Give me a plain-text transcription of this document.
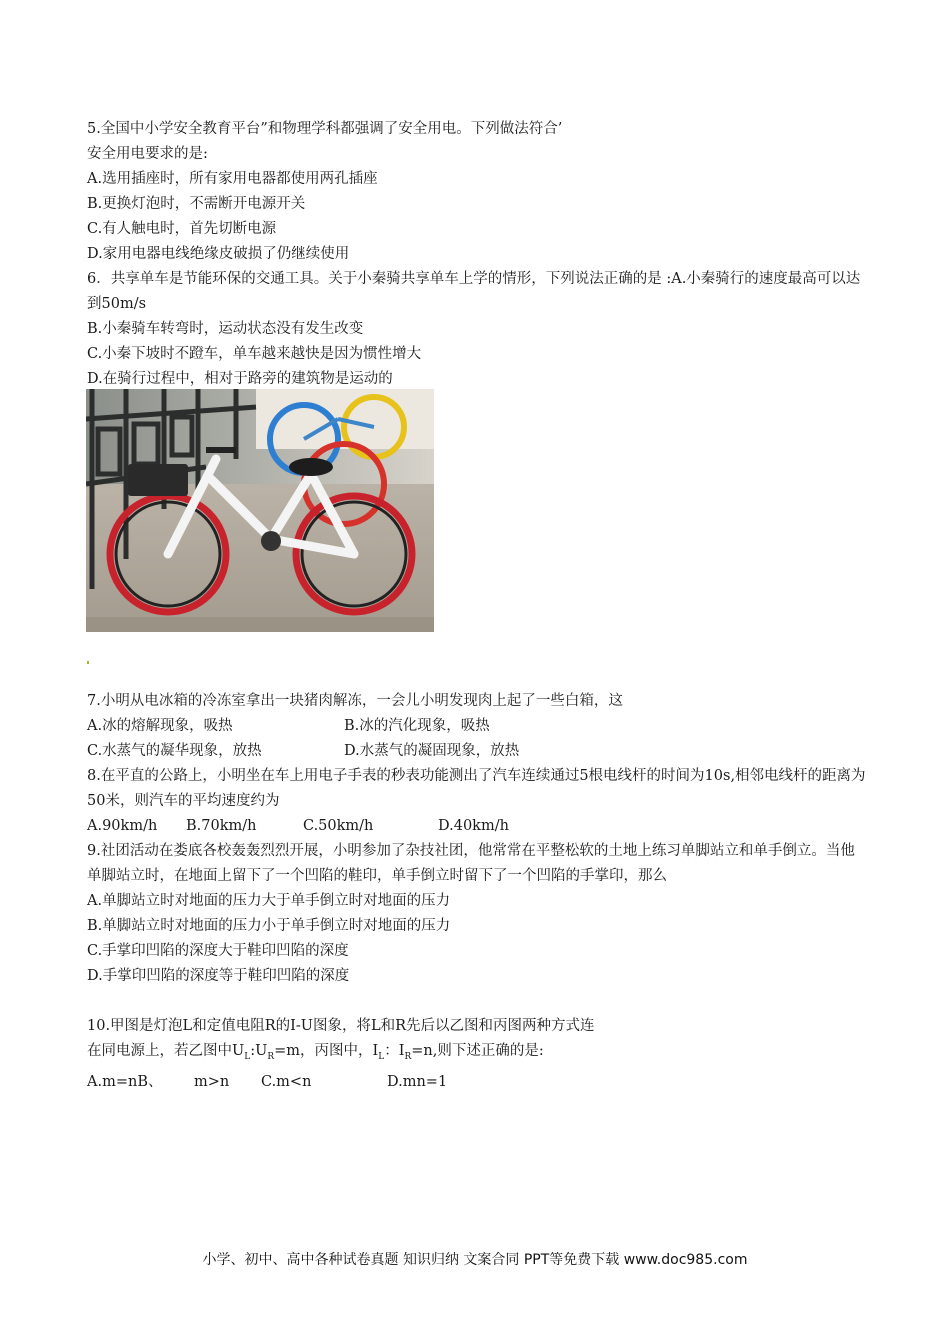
5.全国中小学安全教育平台”和物理学科都强调了安全用电。下列做法符合’
安全用电要求的是:
A.选用插座时，所有家用电器都使用两孔插座
B.更换灯泡时，不需断开电源开关
C.有人触电时，首先切断电源
D.家用电器电线绝缘皮破损了仍继续使用
6．共享单车是节能环保的交通工具。关于小秦骑共享单车上学的情形，下列说法正确的是 :A.小秦骑行的速度最高可以达到50m/s
B.小秦骑车转弯时，运动状态没有发生改变
C.小秦下坡时不蹬车，单车越来越快是因为惯性增大
D.在骑行过程中，相对于路旁的建筑物是运动的
7.小明从电冰箱的冷冻室拿出一块猪肉解冻，一会儿小明发现肉上起了一些白箱，这
A.冰的熔解现象，吸热	B.冰的汽化现象，吸热
C.水蒸气的凝华现象，放热	D.水蒸气的凝固现象，放热
8.在平直的公路上，小明坐在车上用电子手表的秒表功能测出了汽车连续通过5根电线杆的时间为10s,相邻电线杆的距离为50米，则汽车的平均速度约为
A.90km/h B.70km/h	C.50km/h	D.40km/h
9.社团活动在娄底各校轰轰烈烈开展，小明参加了杂技社团，他常常在平整松软的土地上练习单脚站立和单手倒立。当他单脚站立时，在地面上留下了一个凹陷的鞋印，单手倒立时留下了一个凹陷的手掌印，那么
A.单脚站立时对地面的压力大于单手倒立时对地面的压力
B.单脚站立时对地面的压力小于单手倒立时对地面的压力
C.手掌印凹陷的深度大于鞋印凹陷的深度
D.手掌印凹陷的深度等于鞋印凹陷的深度
10.甲图是灯泡L和定值电阻R的I-U图象，将L和R先后以乙图和丙图两种方式连
在同电源上，若乙图中$U_L:U_R=m$，丙图中，$I_L$：$I_R=n$,则下述正确的是:
A.m=nB、 m>n C.m<n	D.mn=1
小学、初中、高中各种试卷真题 知识归纳 文案合同 PPT等免费下载 www.doc985.com
